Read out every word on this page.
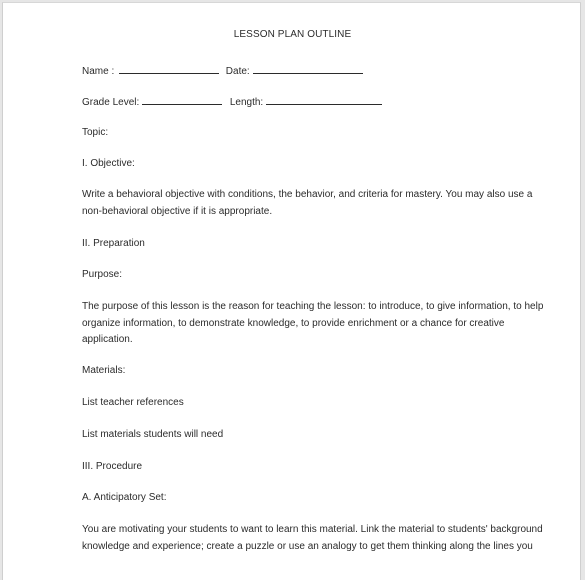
LESSON PLAN OUTLINE
Name :	Date:
Grade Level:	Length:
Topic:
I. Objective:
Write a behavioral objective with conditions, the behavior, and criteria for mastery. You may also use a
non-behavioral objective if it is appropriate.
II. Preparation
Purpose:
The purpose of this lesson is the reason for teaching the lesson: to introduce, to give information, to help
organize information, to demonstrate knowledge, to provide enrichment or a chance for creative
application.
Materials:
List teacher references
List materials students will need
III. Procedure
A. Anticipatory Set:
You are motivating your students to want to learn this material. Link the material to students' background
knowledge and experience; create a puzzle or use an analogy to get them thinking along the lines you
